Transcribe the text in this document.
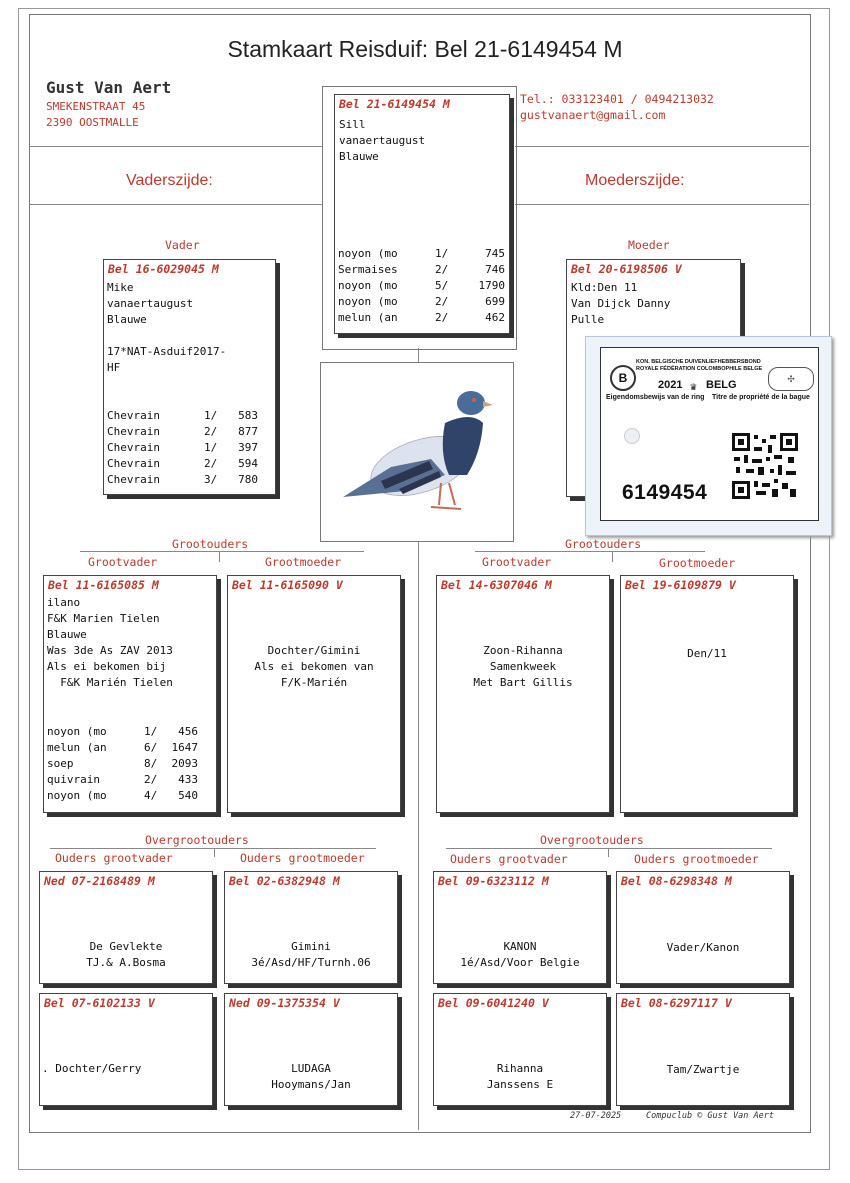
Stamkaart Reisduif: Bel 21-6149454 M
Gust Van Aert
SMEKENSTRAAT 45
2390 OOSTMALLE
Tel.: 033123401 / 0494213032
gustvanaert@gmail.com
Vaderszijde:	Moederszijde:
Bel 21-6149454 M
Sill
vanaertaugust
Blauwe
noyon (mo	1/	745
Sermaises	2/	746
noyon (mo	5/	1790
noyon (mo	2/	699
melun (an	2/	462
Vader
Bel 16-6029045 M
Mike
vanaertaugust
Blauwe
17*NAT-Asduif2017-
HF
Chevrain	1/	583
Chevrain	2/	877
Chevrain	1/	397
Chevrain	2/	594
Chevrain	3/	780
Moeder
Bel 20-6198506 V
Kld:Den 11
Van Dijck Danny
Pulle
B
KON. BELGISCHE DUIVENLIEFHEBBERSBOND
ROYALE FÉDÉRATION COLOMBOPHILE BELGE
2021 ♛ BELG	✣
Eigendomsbewijs van de ring Titre de propriété de la bague
6149454
Grootouders	Grootouders
Grootvader	Grootmoeder	Grootvader	Grootmoeder
Bel 11-6165085 M
ilano
F&K Marien Tielen
Blauwe
Was 3de As ZAV 2013
Als ei bekomen bij
F&K Marién Tielen
noyon (mo	1/	456
melun (an	6/	1647
soep	8/	2093
quivrain	2/	433
noyon (mo	4/	540
Bel 11-6165090 V
Dochter/Gimini
Als ei bekomen van
F/K-Marién
Bel 14-6307046 M
Zoon-Rihanna
Samenkweek
Met Bart Gillis
Bel 19-6109879 V
Den/11
Overgrootouders	Overgrootouders
Ouders grootvader	Ouders grootmoeder	Ouders grootvader	Ouders grootmoeder
Ned 07-2168489 M
De Gevlekte
TJ.& A.Bosma
Bel 02-6382948 M
Gimini
3é/Asd/HF/Turnh.06
Bel 09-6323112 M
KANON
1é/Asd/Voor Belgie
Bel 08-6298348 M
Vader/Kanon
Bel 07-6102133 V
. Dochter/Gerry
Ned 09-1375354 V
LUDAGA
Hooymans/Jan
Bel 09-6041240 V
Rihanna
Janssens E
Bel 08-6297117 V
Tam/Zwartje
27-07-2025	Compuclub © Gust Van Aert
